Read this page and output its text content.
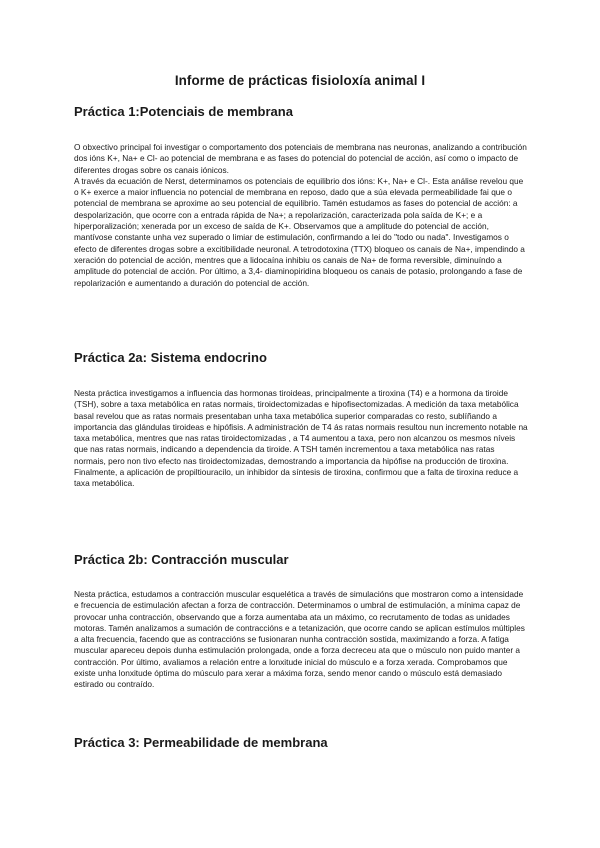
Informe de prácticas fisioloxía animal I
Práctica 1:Potenciais de membrana
O obxectivo principal foi investigar o comportamento dos potenciais de membrana nas neuronas, analizando a contribución dos ións K+, Na+ e Cl- ao potencial de membrana e as fases do potencial do potencial de acción, así como o impacto de diferentes drogas sobre os canais iónicos.
A través da ecuación de Nerst, determinamos os potenciais de equilibrio dos ións: K+, Na+ e Cl-. Esta análise revelou que o K+ exerce a maior influencia no potencial de membrana en reposo, dado que a súa elevada permeabilidade fai que o potencial de membrana se aproxime ao seu potencial de equilibrio. Tamén estudamos as fases do potencial de acción: a despolarización, que ocorre con a entrada rápida de Na+; a repolarización, caracterizada pola saída de K+; e a hiperporalización; xenerada por un exceso de saída de K+. Observamos que a amplitude do potencial de acción, mantívose constante unha vez superado o limiar de estimulación, confirmando a lei do "todo ou nada". Investigamos o efecto de diferentes drogas sobre a excitibilidade neuronal. A tetrodotoxina (TTX) bloqueo os canais de Na+, impendindo a xeración do potencial de acción, mentres que a lidocaína inhibiu os canais de Na+ de forma reversible, diminuíndo a amplitude do potencial de acción. Por último, a 3,4- diaminopiridina bloqueou os canais de potasio, prolongando a fase de repolarización e aumentando a duración do potencial de acción.
Práctica 2a: Sistema endocrino
Nesta práctica investigamos a influencia das hormonas tiroideas, principalmente a tiroxina (T4) e a hormona da tiroide (TSH), sobre a taxa metabólica en ratas normais, tiroidectomizadas e hipofisectomizadas. A medición da taxa metabólica basal revelou que as ratas normais presentaban unha taxa metabólica superior comparadas co resto, sublíñando a importancia das glándulas tiroideas e hipófisis. A administración de T4 ás ratas normais resultou nun incremento notable na taxa metabólica, mentres que nas ratas tiroidectomizadas , a T4 aumentou a taxa, pero non alcanzou os mesmos níveis que nas ratas normais, indicando a dependencia da tiroide. A TSH tamén incrementou a taxa metabólica nas ratas normais, pero non tivo efecto nas tiroidectomizadas, demostrando a importancia da hipófise na producción de tiroxina. Finalmente, a aplicación de propiltiouracilo, un inhibidor da síntesis de tiroxina, confirmou que a falta de tiroxina reduce a taxa metabólica.
Práctica 2b: Contracción muscular
Nesta práctica, estudamos a contracción muscular esquelética a través de simulacións que mostraron como a intensidade e frecuencia de estimulación afectan a forza de contracción. Determinamos o umbral de estimulación, a mínima capaz de provocar unha contracción, observando que a forza aumentaba ata un máximo, co recrutamento de todas as unidades motoras. Tamén analizamos a sumación de contraccións e a tetanización, que ocorre cando se aplican estímulos múltiples a alta frecuencia, facendo que as contraccións se fusionaran nunha contracción sostida, maximizando a forza. A fatiga muscular apareceu depois dunha estimulación prolongada, onde a forza decreceu ata que o músculo non puido manter a contracción. Por último, avaliamos a relación entre a lonxitude inicial do músculo e a forza xerada. Comprobamos que existe unha lonxitude óptima do músculo para xerar a máxima forza, sendo menor cando o músculo está demasiado estirado ou contraído.
Práctica 3: Permeabilidade de membrana
